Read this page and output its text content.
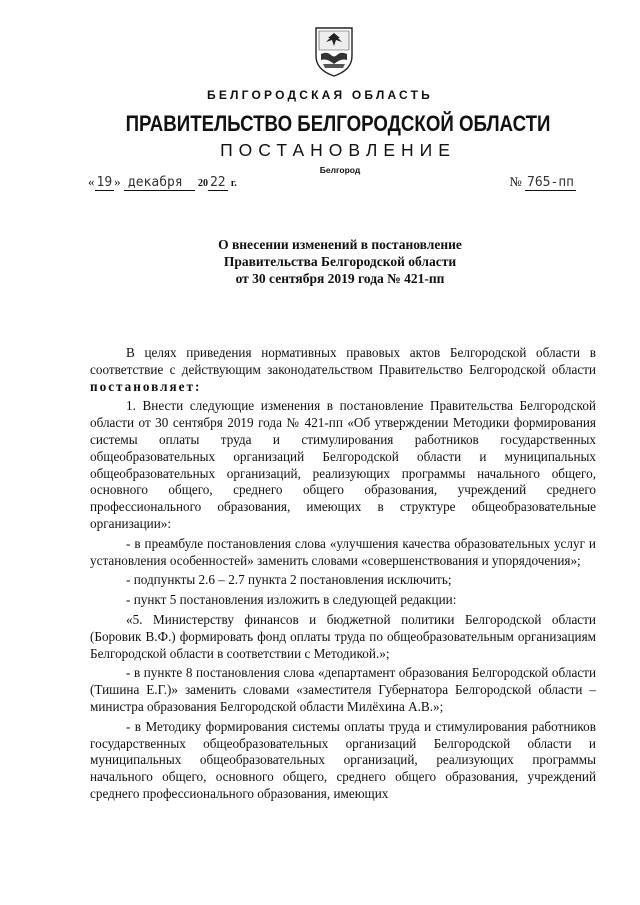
БЕЛГОРОДСКАЯ ОБЛАСТЬ
ПРАВИТЕЛЬСТВО БЕЛГОРОДСКОЙ ОБЛАСТИ
ПОСТАНОВЛЕНИЕ
Белгород
« 19 » декабря 20 22 г.	№ 765-пп
О внесении изменений в постановление
Правительства Белгородской области
от 30 сентября 2019 года № 421-пп

В целях приведения нормативных правовых актов Белгородской области в соответствие с действующим законодательством Правительство Белгородской области постановляет:

1. Внести следующие изменения в постановление Правительства Белгородской области от 30 сентября 2019 года № 421-пп «Об утверждении Методики формирования системы оплаты труда и стимулирования работников государственных общеобразовательных организаций Белгородской области и муниципальных общеобразовательных организаций, реализующих программы начального общего, основного общего, среднего общего образования, учреждений среднего профессионального образования, имеющих в структуре общеобразовательные организации»:

- в преамбуле постановления слова «улучшения качества образовательных услуг и установления особенностей» заменить словами «совершенствования и упорядочения»;

- подпункты 2.6 – 2.7 пункта 2 постановления исключить;

- пункт 5 постановления изложить в следующей редакции:

«5. Министерству финансов и бюджетной политики Белгородской области (Боровик В.Ф.) формировать фонд оплаты труда по общеобразовательным организациям Белгородской области в соответствии с Методикой.»;

- в пункте 8 постановления слова «департамент образования Белгородской области (Тишина Е.Г.)» заменить словами «заместителя Губернатора Белгородской области – министра образования Белгородской области Милёхина А.В.»;

- в Методику формирования системы оплаты труда и стимулирования работников государственных общеобразовательных организаций Белгородской области и муниципальных общеобразовательных организаций, реализующих программы начального общего, основного общего, среднего общего образования, учреждений среднего профессионального образования, имеющих
